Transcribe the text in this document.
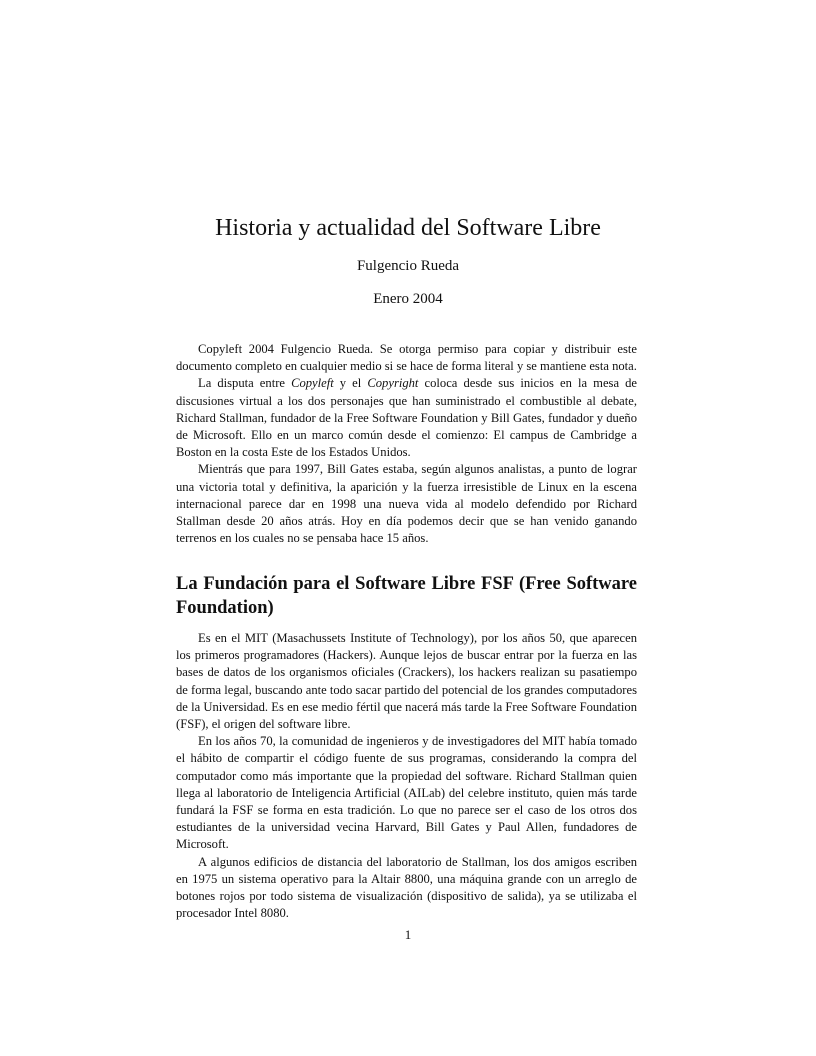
Historia y actualidad del Software Libre
Fulgencio Rueda
Enero 2004

Copyleft 2004 Fulgencio Rueda. Se otorga permiso para copiar y distribuir este documento completo en cualquier medio si se hace de forma literal y se mantiene esta nota.

La disputa entre Copyleft y el Copyright coloca desde sus inicios en la mesa de discusiones virtual a los dos personajes que han suministrado el combustible al debate, Richard Stallman, fundador de la Free Software Foundation y Bill Gates, fundador y dueño de Microsoft. Ello en un marco común desde el comienzo: El campus de Cambridge a Boston en la costa Este de los Estados Unidos.

Mientrás que para 1997, Bill Gates estaba, según algunos analistas, a punto de lograr una victoria total y definitiva, la aparición y la fuerza irresistible de Linux en la escena internacional parece dar en 1998 una nueva vida al modelo defendido por Richard Stallman desde 20 años atrás. Hoy en día podemos decir que se han venido ganando terrenos en los cuales no se pensaba hace 15 años.

La Fundación para el Software Libre FSF (Free Software Foundation)

Es en el MIT (Masachussets Institute of Technology), por los años 50, que aparecen los primeros programadores (Hackers). Aunque lejos de buscar entrar por la fuerza en las bases de datos de los organismos oficiales (Crackers), los hackers realizan su pasatiempo de forma legal, buscando ante todo sacar partido del potencial de los grandes computadores de la Universidad. Es en ese medio fértil que nacerá más tarde la Free Software Foundation (FSF), el origen del software libre.

En los años 70, la comunidad de ingenieros y de investigadores del MIT había tomado el hábito de compartir el código fuente de sus programas, considerando la compra del computador como más importante que la propiedad del software. Richard Stallman quien llega al laboratorio de Inteligencia Artificial (AILab) del celebre instituto, quien más tarde fundará la FSF se forma en esta tradición. Lo que no parece ser el caso de los otros dos estudiantes de la universidad vecina Harvard, Bill Gates y Paul Allen, fundadores de Microsoft.

A algunos edificios de distancia del laboratorio de Stallman, los dos amigos escriben en 1975 un sistema operativo para la Altair 8800, una máquina grande con un arreglo de botones rojos por todo sistema de visualización (dispositivo de salida), ya se utilizaba el procesador Intel 8080.

1
